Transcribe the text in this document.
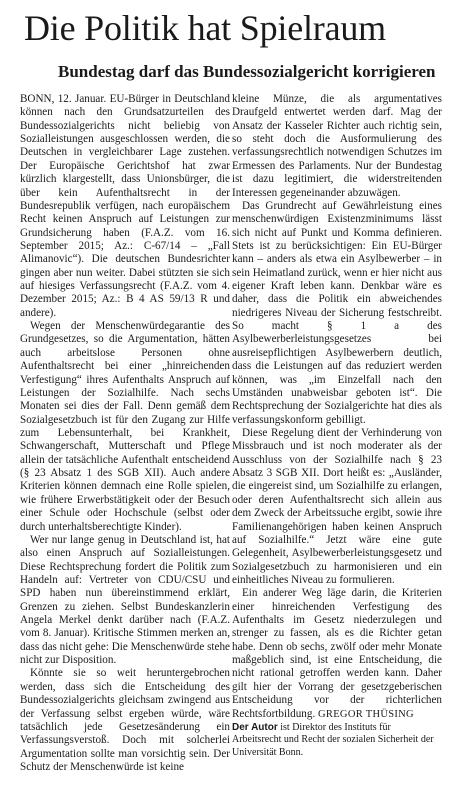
Die Politik hat Spielraum
Bundestag darf das Bundessozialgericht korrigieren

BONN, 12. Januar. EU-Bürger in Deutschland können nach den Grundsatzurteilen des Bundessozialgerichts nicht beliebig von Sozialleistungen ausgeschlossen werden, die Deutschen in vergleichbarer Lage zustehen. Der Europäische Gerichtshof hat zwar kürzlich klargestellt, dass Unionsbürger, die über kein Aufenthaltsrecht in der Bundesrepublik verfügen, nach europäischem Recht keinen Anspruch auf Leistungen zur Grundsicherung haben (F.A.Z. vom 16. September 2015; Az.: C-67/14 – „Fall Alimanovic“). Die deutschen Bundesrichter gingen aber nun weiter. Dabei stützten sie sich auf hiesiges Verfassungsrecht (F.A.Z. vom 4. Dezember 2015; Az.: B 4 AS 59/13 R und andere).

Wegen der Menschenwürdegarantie des Grundgesetzes, so die Argumentation, hätten auch arbeitslose Personen ohne Aufenthaltsrecht bei einer „hinreichenden Verfestigung“ ihres Aufenthalts Anspruch auf Leistungen der Sozialhilfe. Nach sechs Monaten sei dies der Fall. Denn gemäß dem Sozialgesetzbuch ist für den Zugang zur Hilfe zum Lebensunterhalt, bei Krankheit, Schwangerschaft, Mutterschaft und Pflege allein der tatsächliche Aufenthalt entscheidend (§ 23 Absatz 1 des SGB XII). Auch andere Kriterien können demnach eine Rolle spielen, wie frühere Erwerbstätigkeit oder der Besuch einer Schule oder Hochschule (selbst oder durch unterhaltsberechtigte Kinder).

Wer nur lange genug in Deutschland ist, hat also einen Anspruch auf Sozialleistungen. Diese Rechtsprechung fordert die Politik zum Handeln auf: Vertreter von CDU/CSU und SPD haben nun übereinstimmend erklärt, Grenzen zu ziehen. Selbst Bundeskanzlerin Angela Merkel denkt darüber nach (F.A.Z. vom 8. Januar). Kritische Stimmen merken an, dass das nicht gehe: Die Menschenwürde stehe nicht zur Disposition.

Könnte sie so weit heruntergebrochen werden, dass sich die Entscheidung des Bundessozialgerichts gleichsam zwingend aus der Verfassung selbst ergeben würde, wäre tatsächlich jede Gesetzesänderung ein Verfassungsverstoß. Doch mit solcherlei Argumentation sollte man vorsichtig sein. Der Schutz der Menschenwürde ist keine

kleine Münze, die als argumentatives Draufgeld entwertet werden darf. Mag der Ansatz der Kasseler Richter auch richtig sein, so steht doch die Ausformulierung des verfassungsrechtlich notwendigen Schutzes im Ermessen des Parlaments. Nur der Bundestag ist dazu legitimiert, die widerstreitenden Interessen gegeneinander abzuwägen.

Das Grundrecht auf Gewährleistung eines menschenwürdigen Existenzminimums lässt sich nicht auf Punkt und Komma definieren. Stets ist zu berücksichtigen: Ein EU-Bürger kann – anders als etwa ein Asylbewerber – in sein Heimatland zurück, wenn er hier nicht aus eigener Kraft leben kann. Denkbar wäre es daher, dass die Politik ein abweichendes niedrigeres Niveau der Sicherung festschreibt. So macht § 1 a des Asylbewerberleistungsgesetzes bei ausreisepflichtigen Asylbewerbern deutlich, dass die Leistungen auf das reduziert werden können, was „im Einzelfall nach den Umständen unabweisbar geboten ist“. Die Rechtsprechung der Sozialgerichte hat dies als verfassungskonform gebilligt.

Diese Regelung dient der Verhinderung von Missbrauch und ist noch moderater als der Ausschluss von der Sozialhilfe nach § 23 Absatz 3 SGB XII. Dort heißt es: „Ausländer, die eingereist sind, um Sozialhilfe zu erlangen, oder deren Aufenthaltsrecht sich allein aus dem Zweck der Arbeitssuche ergibt, sowie ihre Familienangehörigen haben keinen Anspruch auf Sozialhilfe.“ Jetzt wäre eine gute Gelegenheit, Asylbewerberleistungsgesetz und Sozialgesetzbuch zu harmonisieren und ein einheitliches Niveau zu formulieren.

Ein anderer Weg läge darin, die Kriterien einer hinreichenden Verfestigung des Aufenthalts im Gesetz niederzulegen und strenger zu fassen, als es die Richter getan habe. Denn ob sechs, zwölf oder mehr Monate maßgeblich sind, ist eine Entscheidung, die nicht rational getroffen werden kann. Daher gilt hier der Vorrang der gesetzgeberischen Entscheidung vor der richterlichen Rechtsfortbildung. GREGOR THÜSING

Der Autor ist Direktor des Instituts für Arbeitsrecht und Recht der sozialen Sicherheit der Universität Bonn.
